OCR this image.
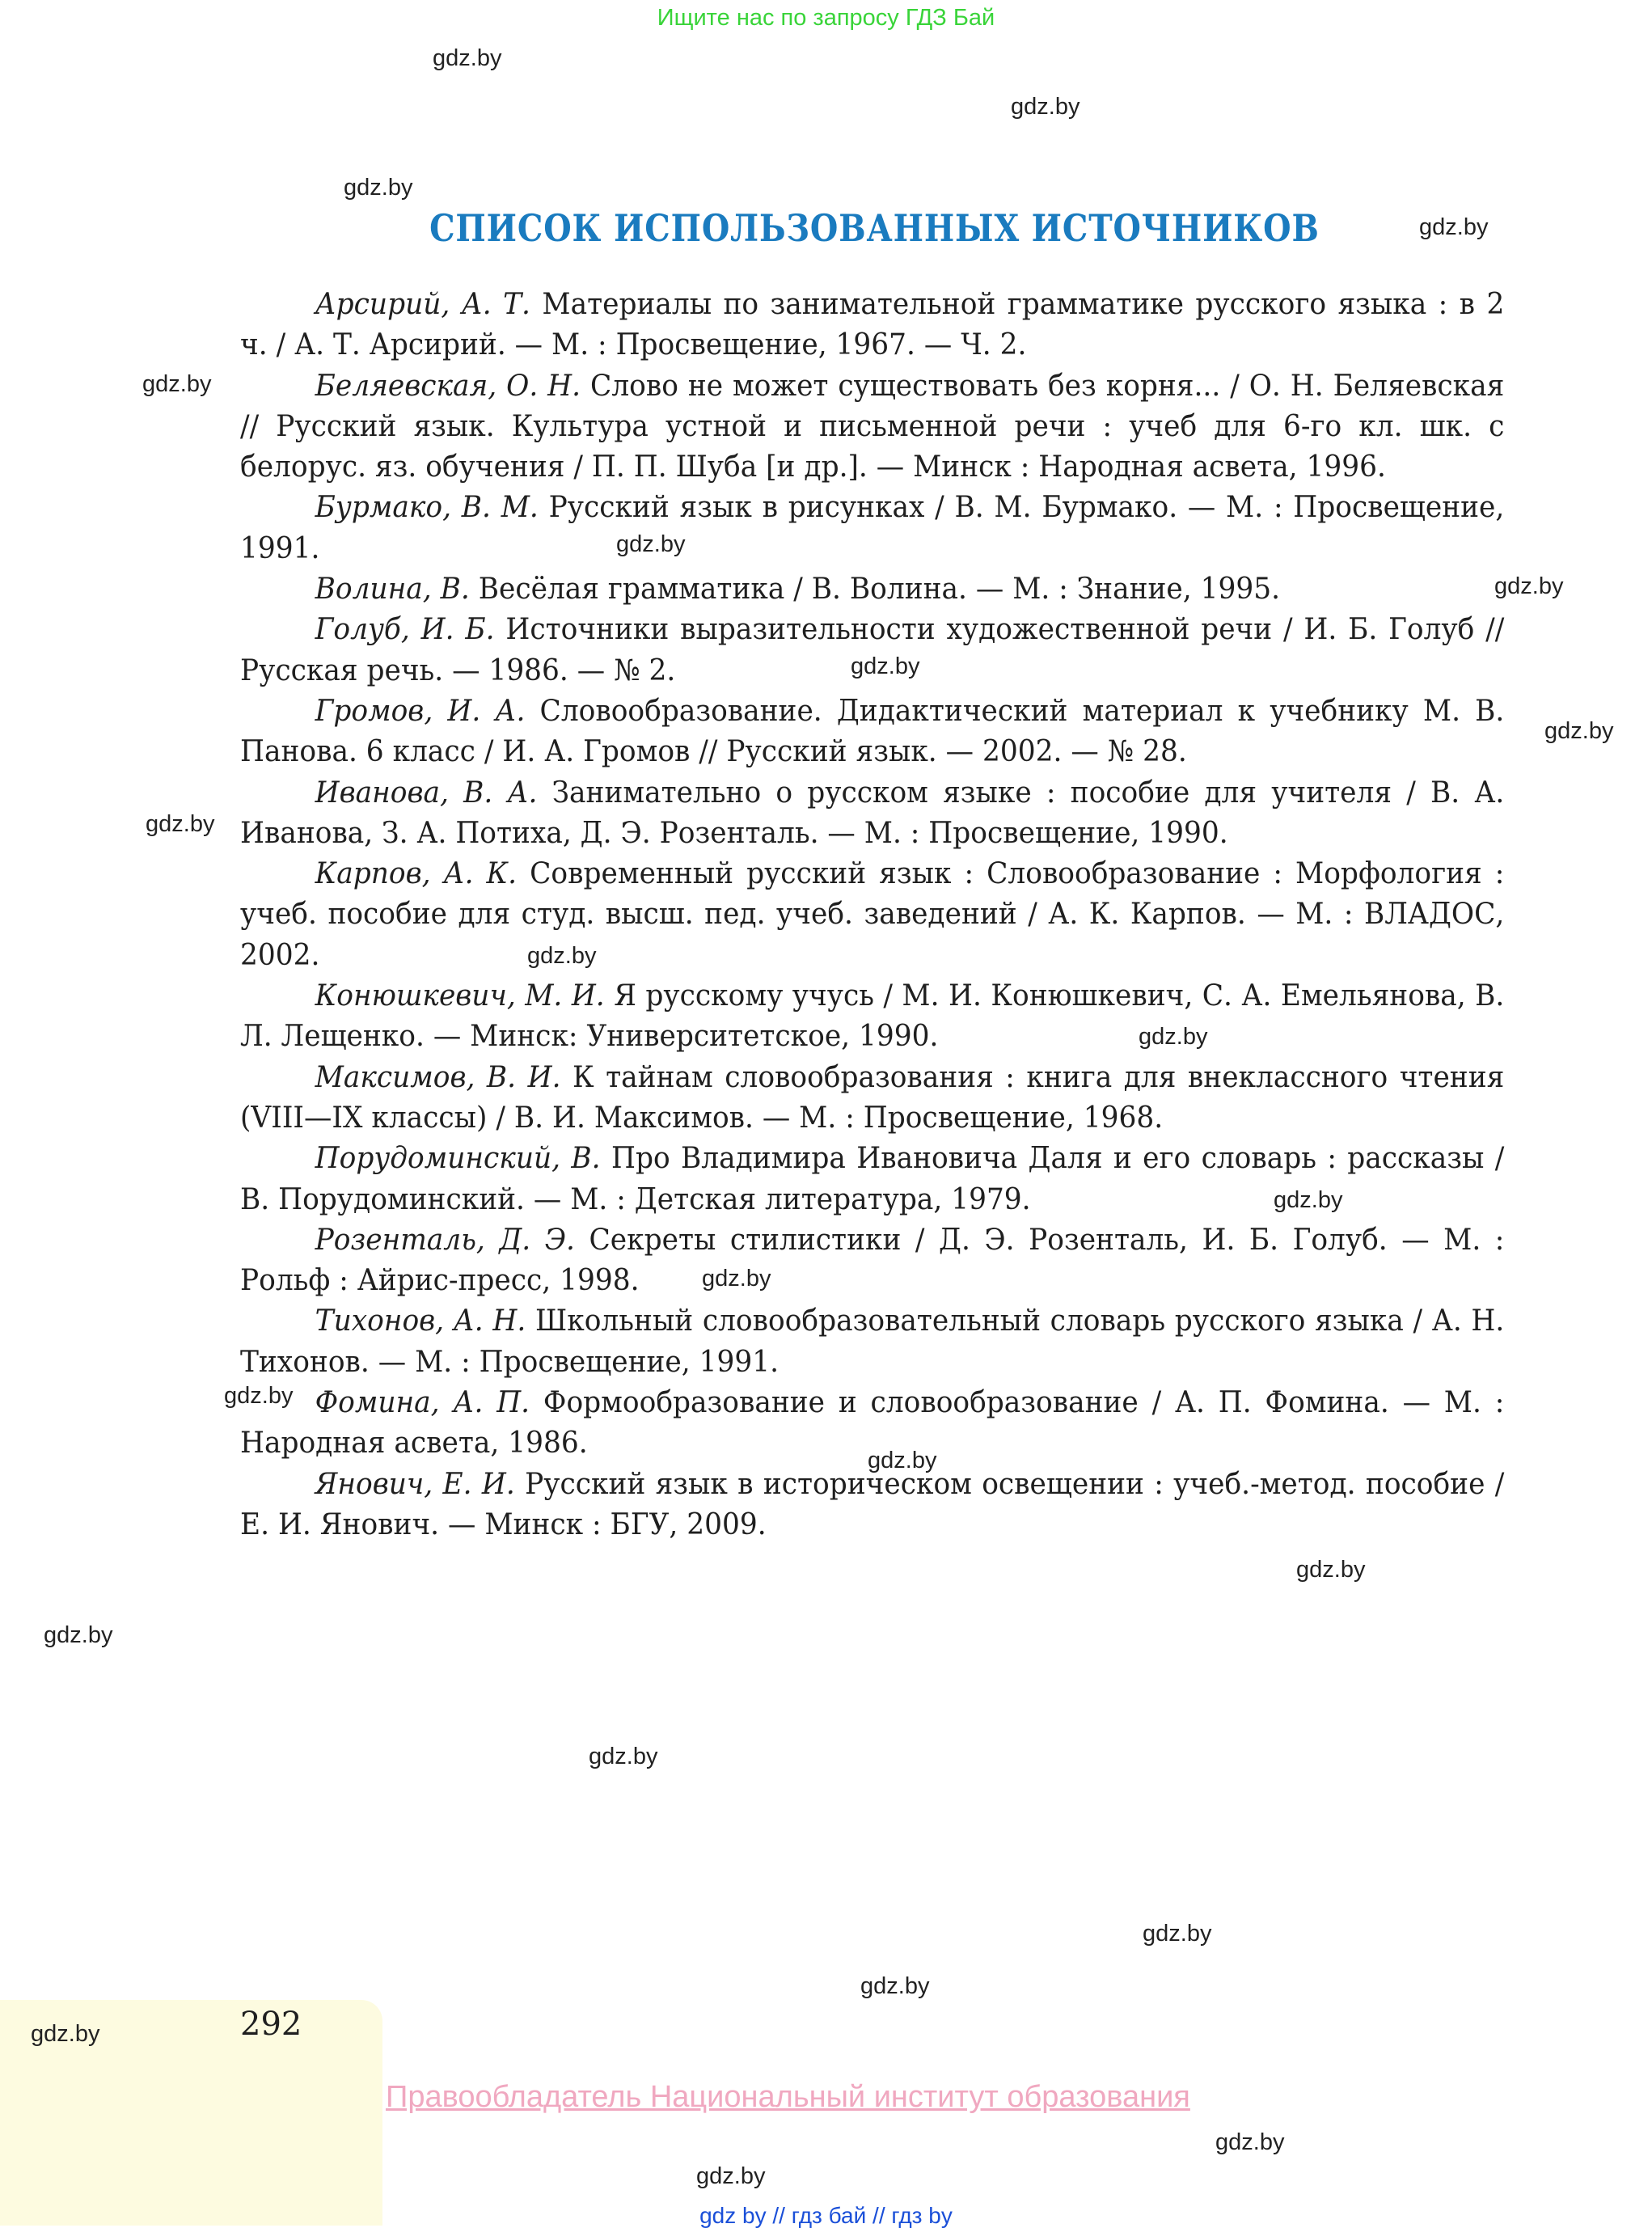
Ищите нас по запросу ГДЗ Бай
СПИСОК ИСПОЛЬЗОВАННЫХ ИСТОЧНИКОВ

Арсирий, А. Т. Материалы по занимательной грамматике русского языка : в 2 ч. / А. Т. Арсирий. — М. : Просвещение, 1967. — Ч. 2.

Беляевская, О. Н. Слово не может существовать без корня... / О. Н. Беляевская // Русский язык. Культура устной и письменной речи : учеб для 6-го кл. шк. с белорус. яз. обучения / П. П. Шуба [и др.]. — Минск : Народная асвета, 1996.

Бурмако, В. М. Русский язык в рисунках / В. М. Бурмако. — М. : Просвещение, 1991.

Волина, В. Весёлая грамматика / В. Волина. — М. : Знание, 1995.

Голуб, И. Б. Источники выразительности художественной речи / И. Б. Голуб // Русская речь. — 1986. — № 2.

Громов, И. А. Словообразование. Дидактический материал к учебнику М. В. Панова. 6 класс / И. А. Громов // Русский язык. — 2002. — № 28.

Иванова, В. А. Занимательно о русском языке : пособие для учителя / В. А. Иванова, З. А. Потиха, Д. Э. Розенталь. — М. : Просвещение, 1990.

Карпов, А. К. Современный русский язык : Словообразование : Морфология : учеб. пособие для студ. высш. пед. учеб. заведений / А. К. Карпов. — М. : ВЛАДОС, 2002.

Конюшкевич, М. И. Я русскому учусь / М. И. Конюшкевич, С. А. Емельянова, В. Л. Лещенко. — Минск: Университетское, 1990.

Максимов, В. И. К тайнам словообразования : книга для внеклассного чтения (VIII—IX классы) / В. И. Максимов. — М. : Просвещение, 1968.

Порудоминский, В. Про Владимира Ивановича Даля и его словарь : рассказы / В. Порудоминский. — М. : Детская литература, 1979.

Розенталь, Д. Э. Секреты стилистики / Д. Э. Розенталь, И. Б. Голуб. — М. : Рольф : Айрис-пресс, 1998.

Тихонов, А. Н. Школьный словообразовательный словарь русского языка / А. Н. Тихонов. — М. : Просвещение, 1991.

Фомина, А. П. Формообразование и словообразование / А. П. Фомина. — М. : Народная асвета, 1986.

Янович, Е. И. Русский язык в историческом освещении : учеб.-метод. пособие / Е. И. Янович. — Минск : БГУ, 2009.

gdz.by
gdz.by
gdz.by
gdz.by
gdz.by
gdz.by
gdz.by
gdz.by
gdz.by
gdz.by
gdz.by
gdz.by
gdz.by
gdz.by
gdz.by
gdz.by
gdz.by
gdz.by
gdz.by
gdz.by
gdz.by
gdz.by	292
Правообладатель Национальный институт образования
gdz.by
gdz.by
gdz by // гдз бай // гдз by
